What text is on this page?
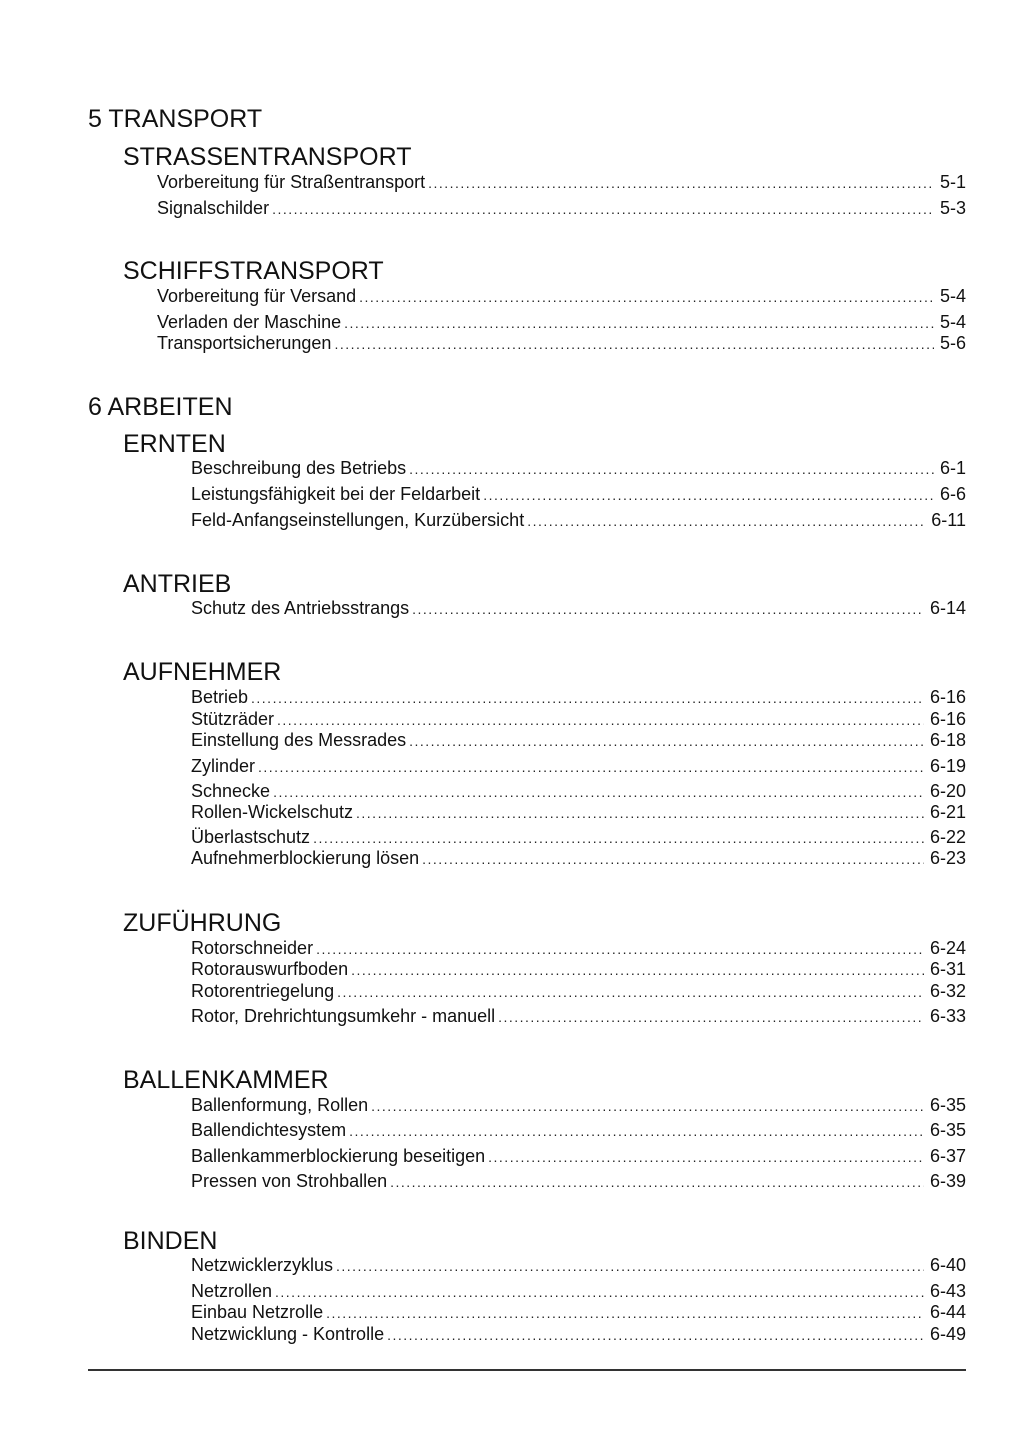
5 TRANSPORT
STRASSENTRANSPORT
Vorbereitung für Straßentransport . . .	5-1
Signalschilder . . .	5-3
SCHIFFSTRANSPORT
Vorbereitung für Versand . . .	5-4
Verladen der Maschine . . .	5-4
Transportsicherungen . . .	5-6
6 ARBEITEN
ERNTEN
Beschreibung des Betriebs . . .	6-1
Leistungsfähigkeit bei der Feldarbeit . . .	6-6
Feld-Anfangseinstellungen, Kurzübersicht . . .	6-11
ANTRIEB
Schutz des Antriebsstrangs . . .	6-14
AUFNEHMER
Betrieb . . .	6-16
Stützräder . . .	6-16
Einstellung des Messrades . . .	6-18
Zylinder . . .	6-19
Schnecke . . .	6-20
Rollen-Wickelschutz . . .	6-21
Überlastschutz . . .	6-22
Aufnehmerblockierung lösen . . .	6-23
ZUFÜHRUNG
Rotorschneider . . .	6-24
Rotorauswurfboden . . .	6-31
Rotorentriegelung . . .	6-32
Rotor, Drehrichtungsumkehr - manuell . . .	6-33
BALLENKAMMER
Ballenformung, Rollen . . .	6-35
Ballendichtesystem . . .	6-35
Ballenkammerblockierung beseitigen . . .	6-37
Pressen von Strohballen . . .	6-39
BINDEN
Netzwicklerzyklus . . .	6-40
Netzrollen . . .	6-43
Einbau Netzrolle . . .	6-44
Netzwicklung - Kontrolle . . .	6-49
